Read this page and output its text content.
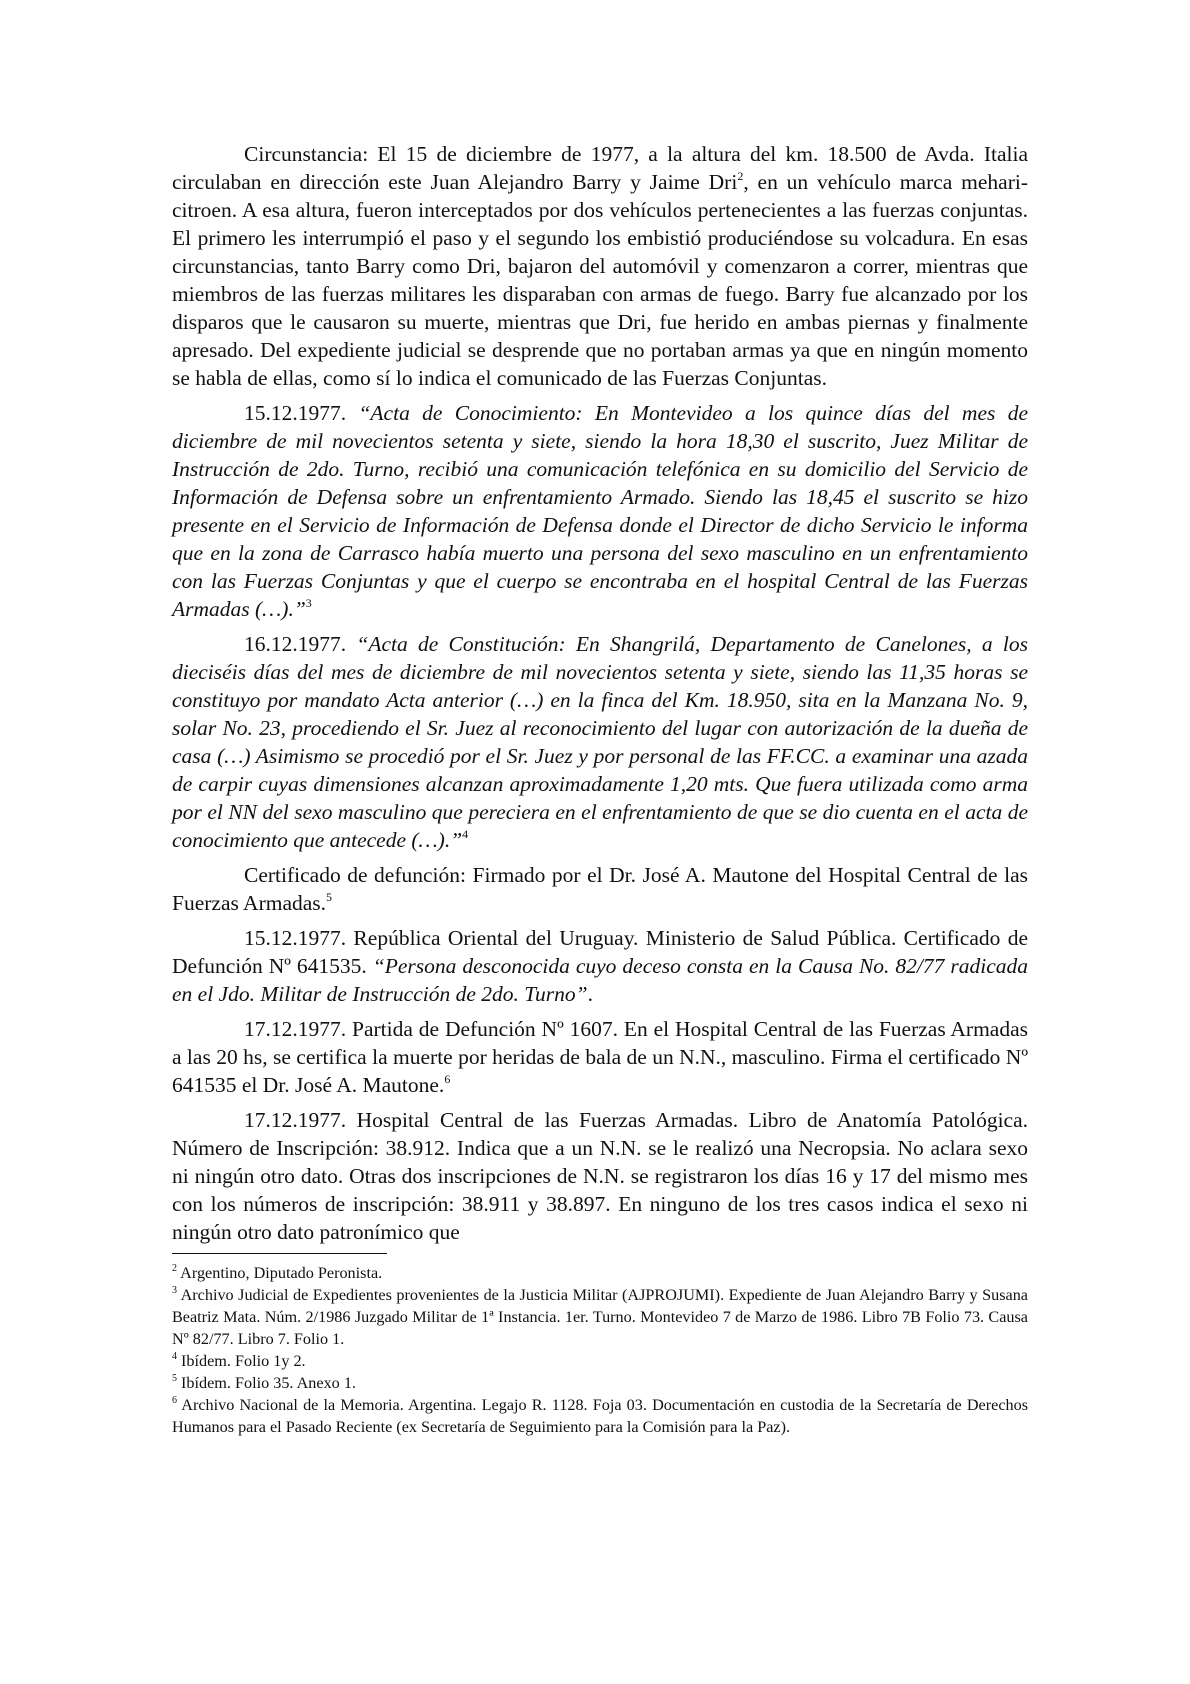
Circunstancia: El 15 de diciembre de 1977, a la altura del km. 18.500 de Avda. Italia circulaban en dirección este Juan Alejandro Barry y Jaime Dri$^2$, en un vehículo marca mehari-citroen. A esa altura, fueron interceptados por dos vehículos pertenecientes a las fuerzas conjuntas. El primero les interrumpió el paso y el segundo los embistió produciéndose su volcadura. En esas circunstancias, tanto Barry como Dri, bajaron del automóvil y comenzaron a correr, mientras que miembros de las fuerzas militares les disparaban con armas de fuego. Barry fue alcanzado por los disparos que le causaron su muerte, mientras que Dri, fue herido en ambas piernas y finalmente apresado. Del expediente judicial se desprende que no portaban armas ya que en ningún momento se habla de ellas, como sí lo indica el comunicado de las Fuerzas Conjuntas.

15.12.1977. “Acta de Conocimiento: En Montevideo a los quince días del mes de diciembre de mil novecientos setenta y siete, siendo la hora 18,30 el suscrito, Juez Militar de Instrucción de 2do. Turno, recibió una comunicación telefónica en su domicilio del Servicio de Información de Defensa sobre un enfrentamiento Armado. Siendo las 18,45 el suscrito se hizo presente en el Servicio de Información de Defensa donde el Director de dicho Servicio le informa que en la zona de Carrasco había muerto una persona del sexo masculino en un enfrentamiento con las Fuerzas Conjuntas y que el cuerpo se encontraba en el hospital Central de las Fuerzas Armadas (…).”$^3$

16.12.1977. “Acta de Constitución: En Shangrilá, Departamento de Canelones, a los dieciséis días del mes de diciembre de mil novecientos setenta y siete, siendo las 11,35 horas se constituyo por mandato Acta anterior (…) en la finca del Km. 18.950, sita en la Manzana No. 9, solar No. 23, procediendo el Sr. Juez al reconocimiento del lugar con autorización de la dueña de casa (…) Asimismo se procedió por el Sr. Juez y por personal de las FF.CC. a examinar una azada de carpir cuyas dimensiones alcanzan aproximadamente 1,20 mts. Que fuera utilizada como arma por el NN del sexo masculino que pereciera en el enfrentamiento de que se dio cuenta en el acta de conocimiento que antecede (…).”$^4$

Certificado de defunción: Firmado por el Dr. José A. Mautone del Hospital Central de las Fuerzas Armadas.$^5$

15.12.1977. República Oriental del Uruguay. Ministerio de Salud Pública. Certificado de Defunción Nº 641535. “Persona desconocida cuyo deceso consta en la Causa No. 82/77 radicada en el Jdo. Militar de Instrucción de 2do. Turno”.

17.12.1977. Partida de Defunción Nº 1607. En el Hospital Central de las Fuerzas Armadas a las 20 hs, se certifica la muerte por heridas de bala de un N.N., masculino. Firma el certificado Nº 641535 el Dr. José A. Mautone.$^6$

17.12.1977. Hospital Central de las Fuerzas Armadas. Libro de Anatomía Patológica. Número de Inscripción: 38.912. Indica que a un N.N. se le realizó una Necropsia. No aclara sexo ni ningún otro dato. Otras dos inscripciones de N.N. se registraron los días 16 y 17 del mismo mes con los números de inscripción: 38.911 y 38.897. En ninguno de los tres casos indica el sexo ni ningún otro dato patronímico que

$^2$ Argentino, Diputado Peronista.

$^3$ Archivo Judicial de Expedientes provenientes de la Justicia Militar (AJPROJUMI). Expediente de Juan Alejandro Barry y Susana Beatriz Mata. Núm. 2/1986 Juzgado Militar de 1ª Instancia. 1er. Turno. Montevideo 7 de Marzo de 1986. Libro 7B Folio 73. Causa Nº 82/77. Libro 7. Folio 1.

$^4$ Ibídem. Folio 1y 2.

$^5$ Ibídem. Folio 35. Anexo 1.

$^6$ Archivo Nacional de la Memoria. Argentina. Legajo R. 1128. Foja 03. Documentación en custodia de la Secretaría de Derechos Humanos para el Pasado Reciente (ex Secretaría de Seguimiento para la Comisión para la Paz).
